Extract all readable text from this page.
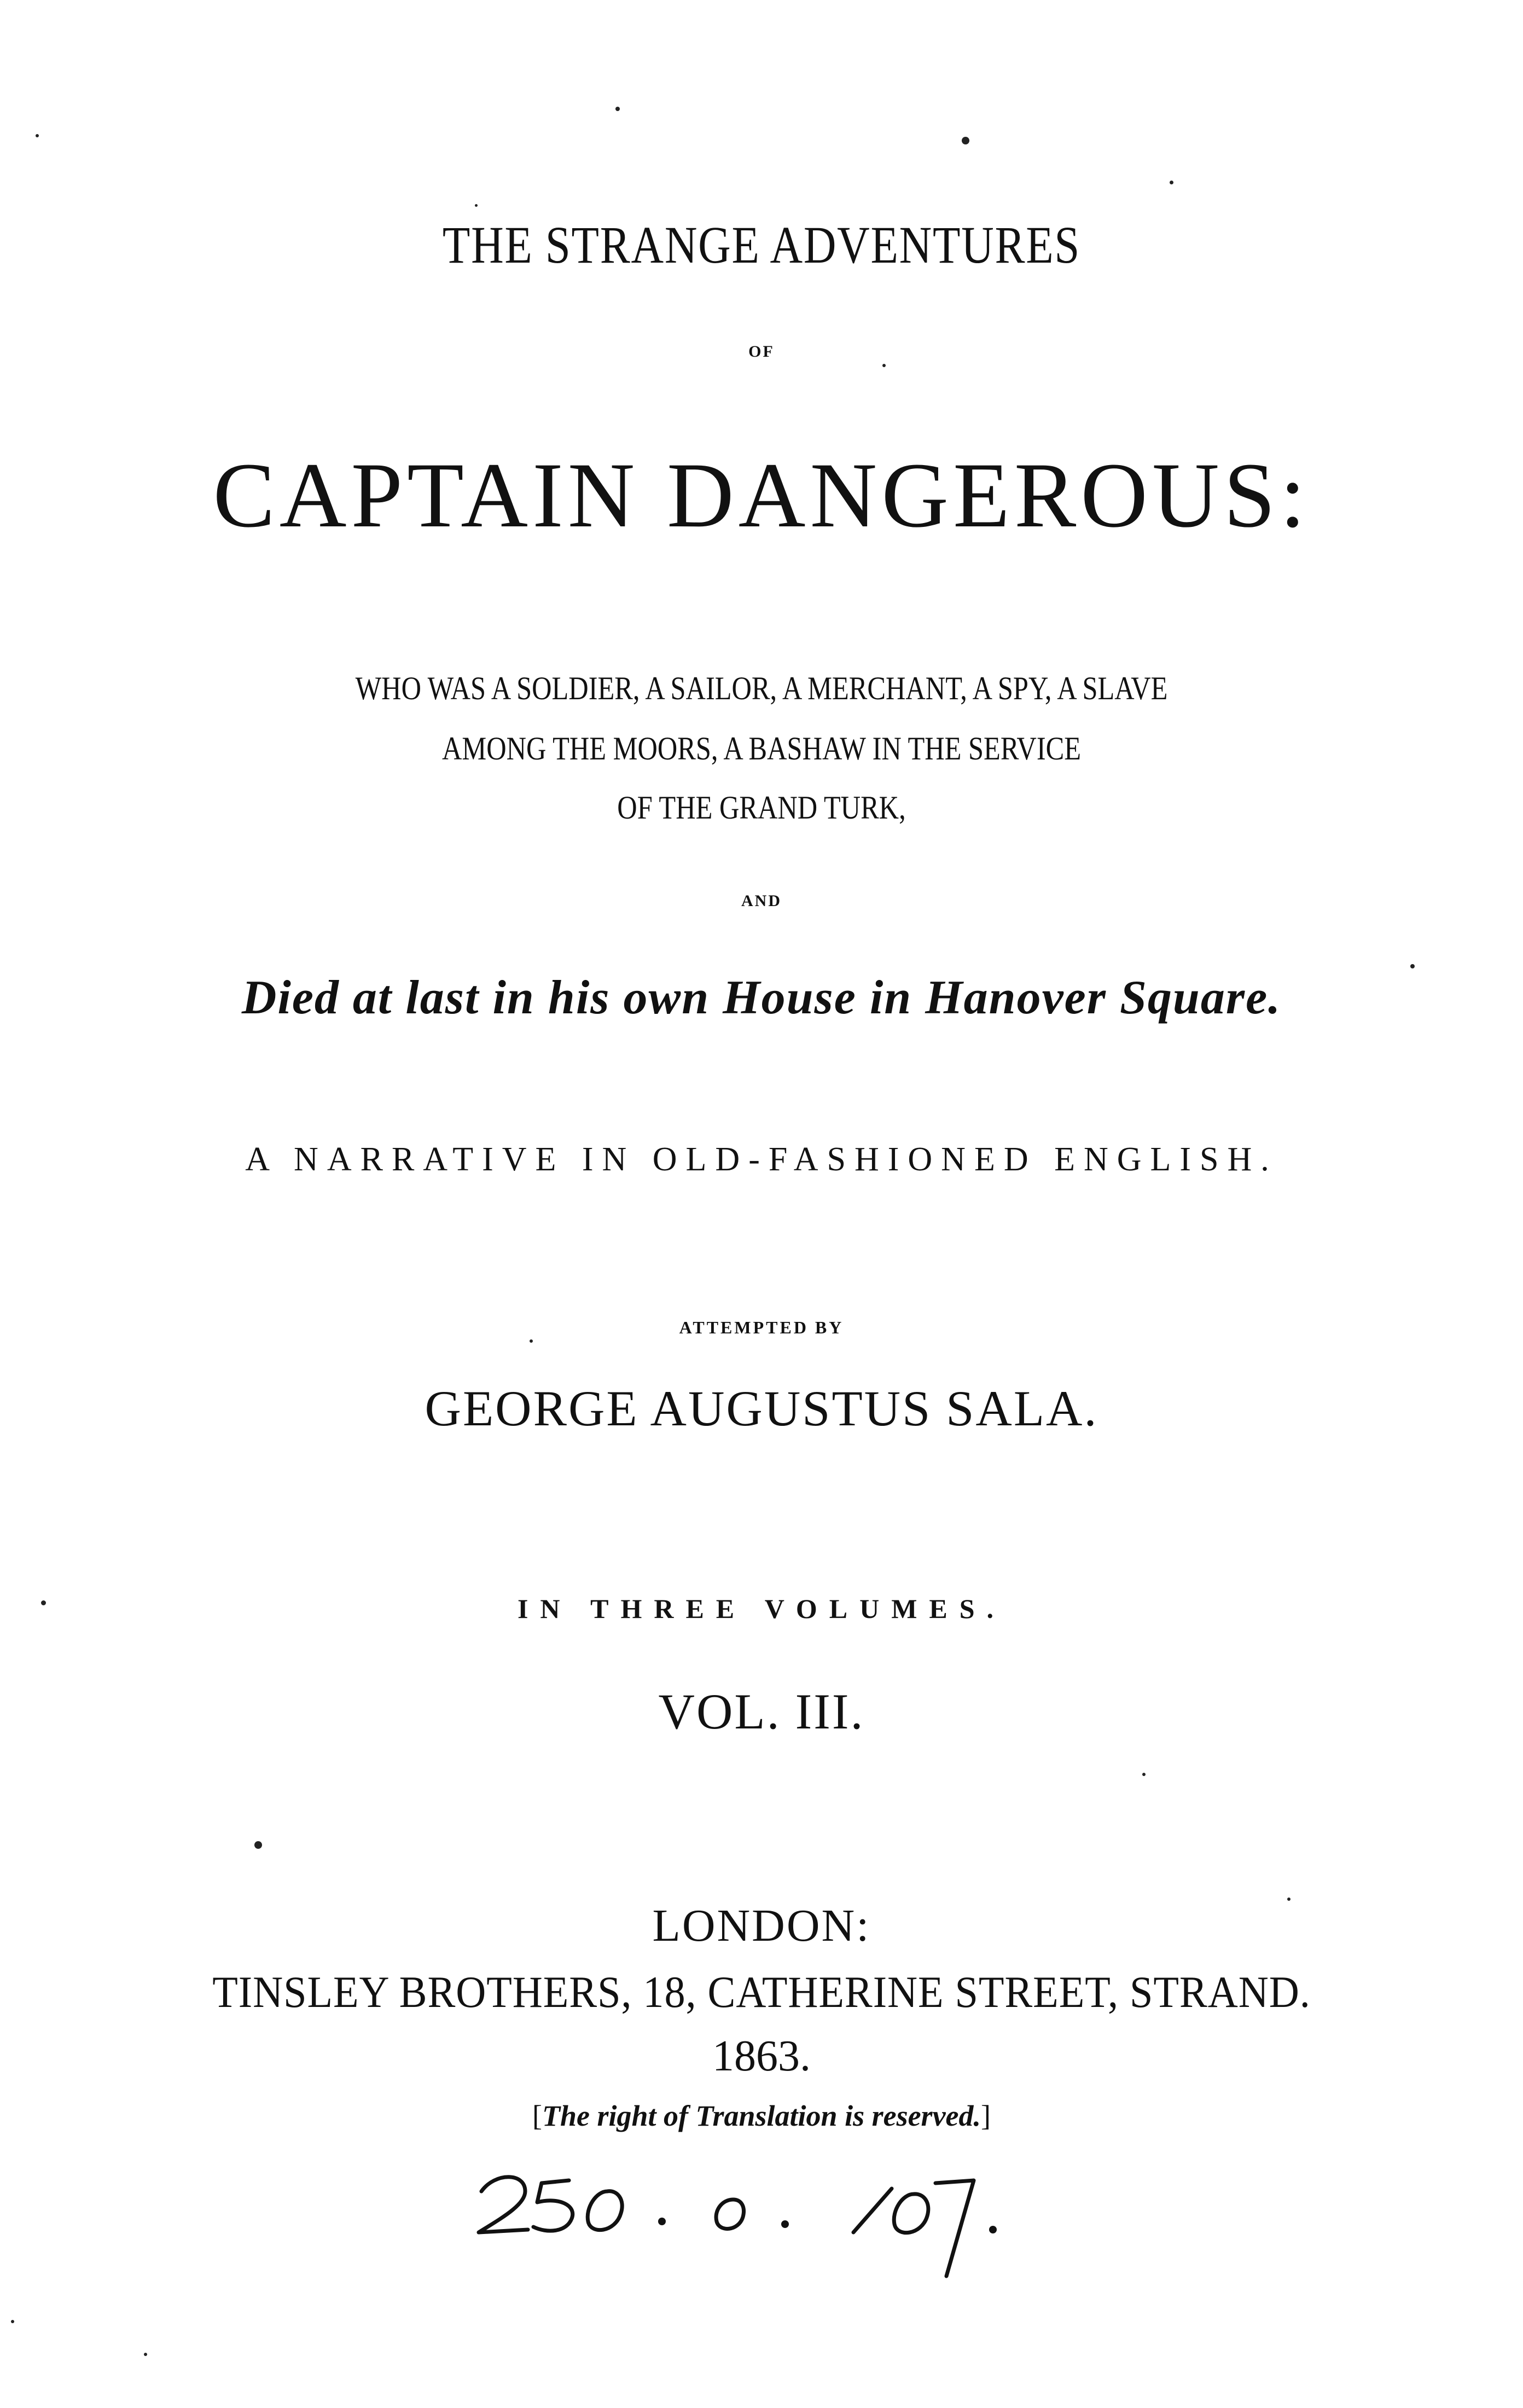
THE STRANGE ADVENTURES
OF
CAPTAIN DANGEROUS:
WHO WAS A SOLDIER, A SAILOR, A MERCHANT, A SPY, A SLAVE
AMONG THE MOORS, A BASHAW IN THE SERVICE
OF THE GRAND TURK,
AND
Died at last in his own House in Hanover Square.
A NARRATIVE IN OLD-FASHIONED ENGLISH.
ATTEMPTED BY
GEORGE AUGUSTUS SALA.
IN THREE VOLUMES.
VOL. III.
LONDON:
TINSLEY BROTHERS, 18, CATHERINE STREET, STRAND.
1863.
[The right of Translation is reserved.]
